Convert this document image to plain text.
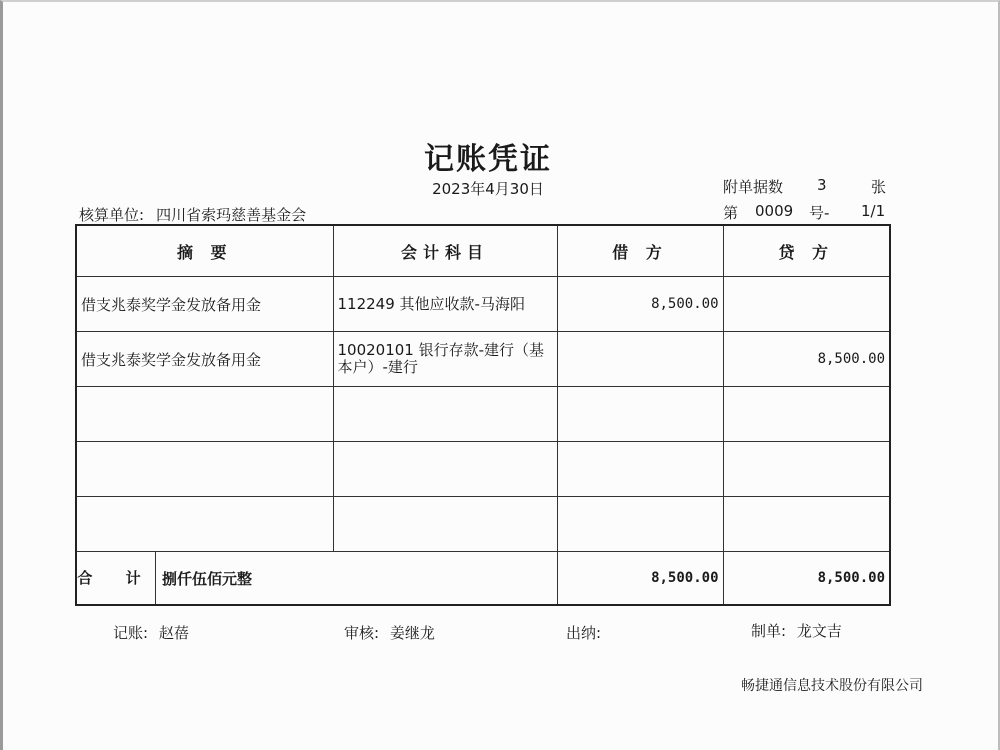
记账凭证
2023年4月30日
核算单位: 四川省索玛慈善基金会
附单据数 3	张
第 0009 号- 1/1
摘 要	会计科目	借 方	贷 方
借支兆泰奖学金发放备用金	112249 其他应收款-马海阳	8,500.00	
借支兆泰奖学金发放备用金	10020101 银行存款-建行（基本户）-建行		8,500.00

合 计 捌仟伍佰元整		8,500.00	8,500.00
记账: 赵蓓	审核: 姜继龙	出纳:	制单: 龙文吉
畅捷通信息技术股份有限公司
